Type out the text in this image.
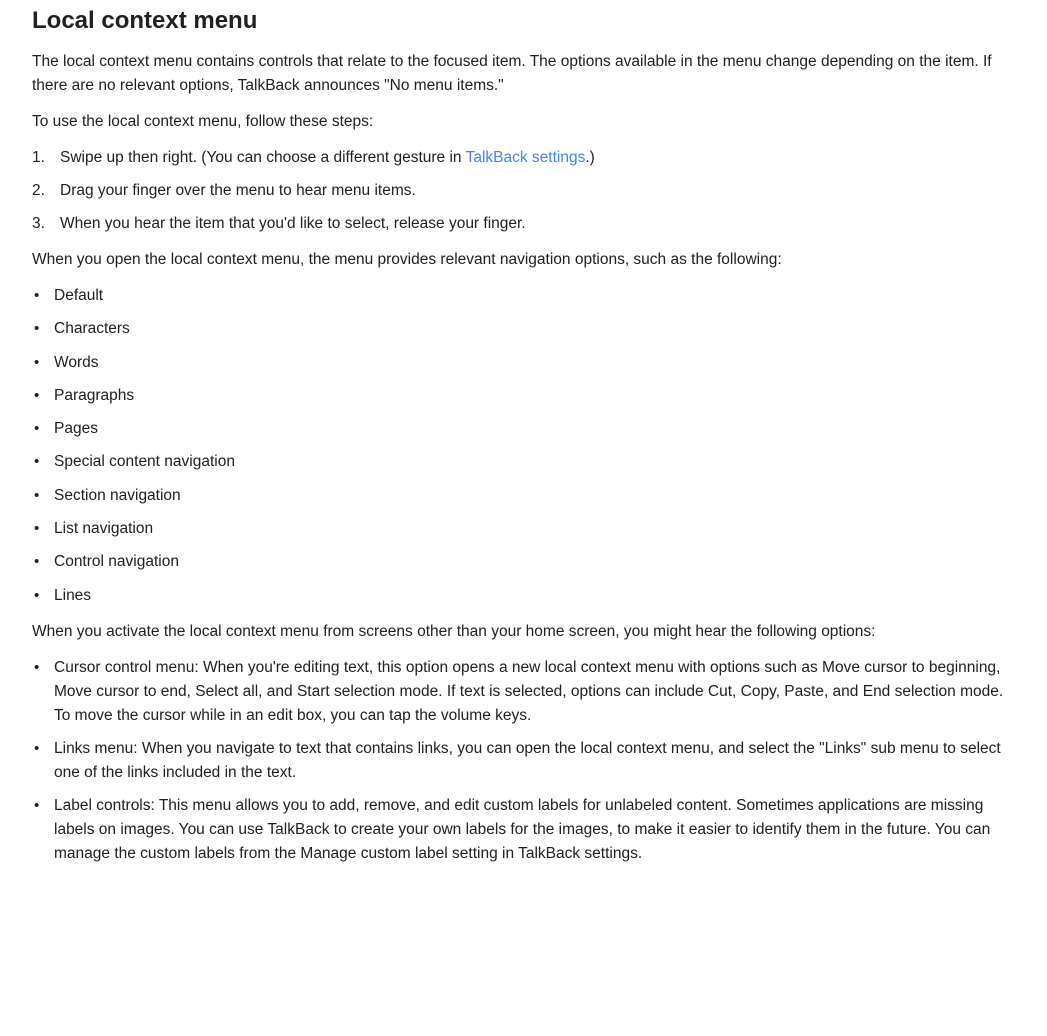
Local context menu

The local context menu contains controls that relate to the focused item. The options available in the menu change depending on the item. If there are no relevant options, TalkBack announces "No menu items."

To use the local context menu, follow these steps:

1. Swipe up then right. (You can choose a different gesture in TalkBack settings.)
2. Drag your finger over the menu to hear menu items.
3. When you hear the item that you'd like to select, release your finger.

When you open the local context menu, the menu provides relevant navigation options, such as the following:

• Default
• Characters
• Words
• Paragraphs
• Pages
• Special content navigation
• Section navigation
• List navigation
• Control navigation
• Lines

When you activate the local context menu from screens other than your home screen, you might hear the following options:

• Cursor control menu: When you're editing text, this option opens a new local context menu with options such as Move cursor to beginning, Move cursor to end, Select all, and Start selection mode. If text is selected, options can include Cut, Copy, Paste, and End selection mode. To move the cursor while in an edit box, you can tap the volume keys.
• Links menu: When you navigate to text that contains links, you can open the local context menu, and select the "Links" sub menu to select one of the links included in the text.
• Label controls: This menu allows you to add, remove, and edit custom labels for unlabeled content. Sometimes applications are missing labels on images. You can use TalkBack to create your own labels for the images, to make it easier to identify them in the future. You can manage the custom labels from the Manage custom label setting in TalkBack settings.
